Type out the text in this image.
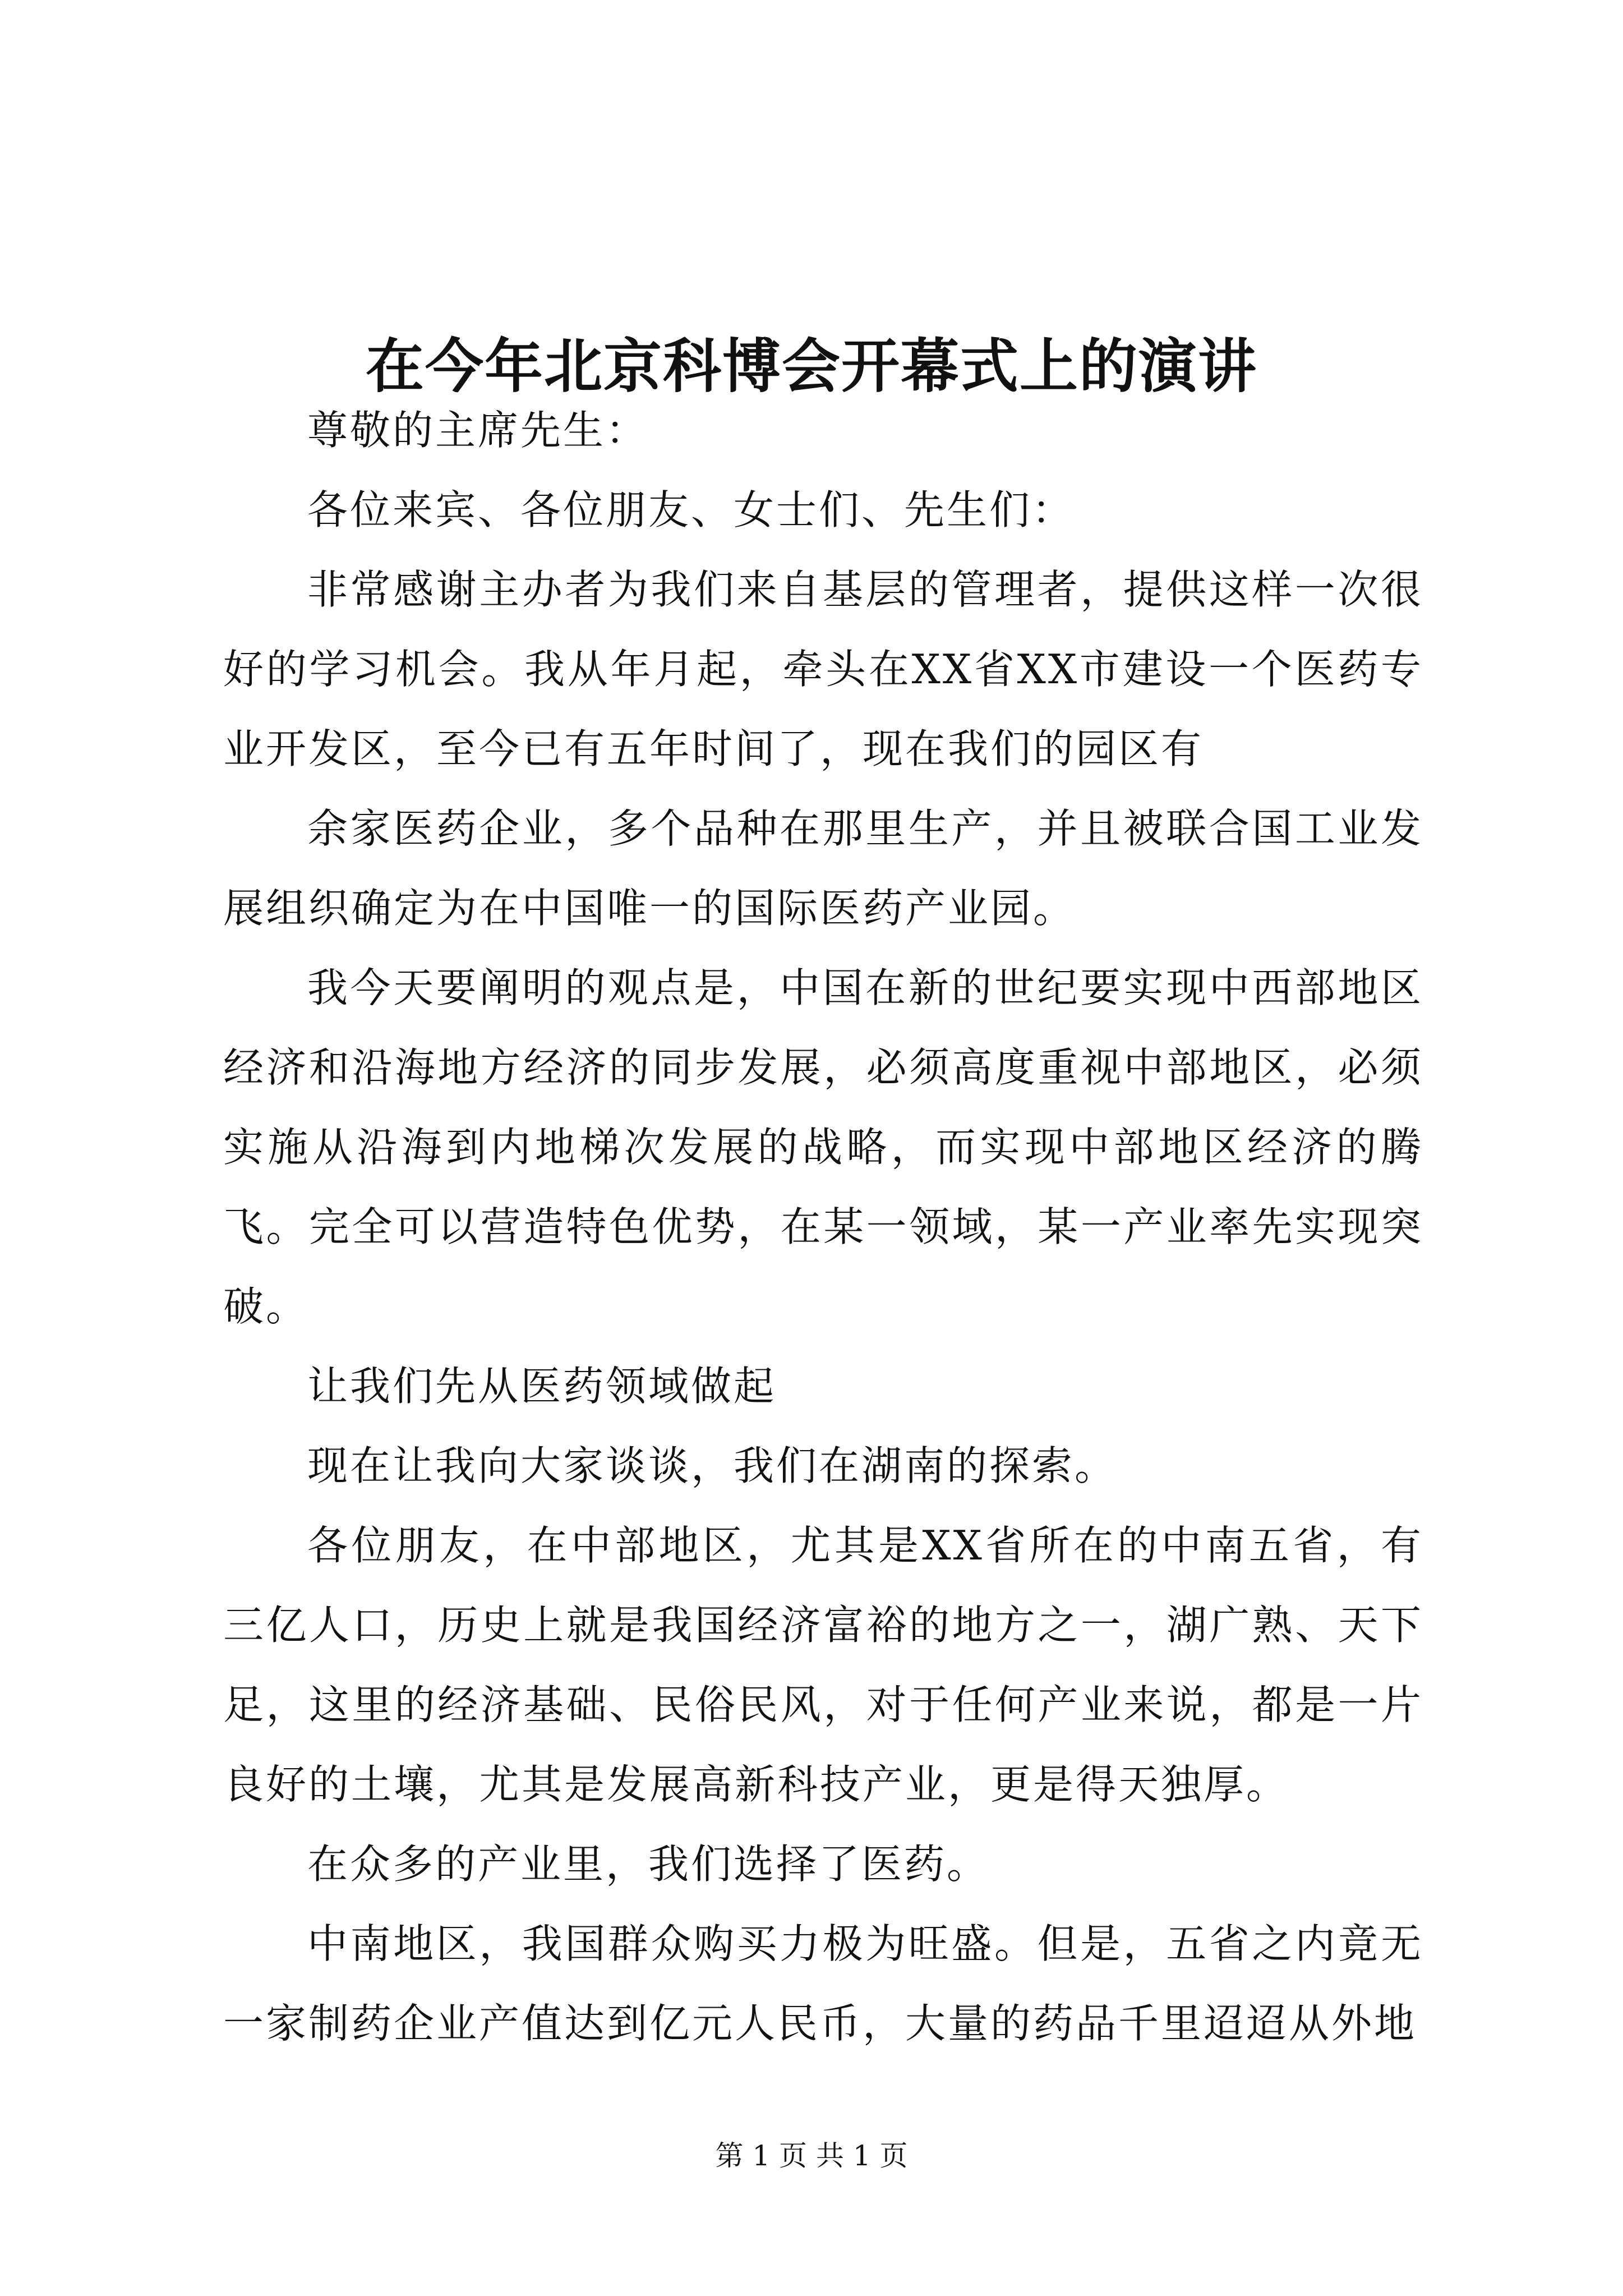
在今年北京科博会开幕式上的演讲

尊敬的主席先生：

各位来宾、各位朋友、女士们、先生们：

非常感谢主办者为我们来自基层的管理者，提供这样一次很好的学习机会。我从年月起，牵头在XX省XX市建设一个医药专业开发区，至今已有五年时间了，现在我们的园区有

余家医药企业，多个品种在那里生产，并且被联合国工业发展组织确定为在中国唯一的国际医药产业园。

我今天要阐明的观点是，中国在新的世纪要实现中西部地区经济和沿海地方经济的同步发展，必须高度重视中部地区，必须实施从沿海到内地梯次发展的战略，而实现中部地区经济的腾飞。完全可以营造特色优势，在某一领域，某一产业率先实现突破。

让我们先从医药领域做起

现在让我向大家谈谈，我们在湖南的探索。

各位朋友，在中部地区，尤其是XX省所在的中南五省，有三亿人口，历史上就是我国经济富裕的地方之一，湖广熟、天下足，这里的经济基础、民俗民风，对于任何产业来说，都是一片良好的土壤，尤其是发展高新科技产业，更是得天独厚。

在众多的产业里，我们选择了医药。

中南地区，我国群众购买力极为旺盛。但是，五省之内竟无一家制药企业产值达到亿元人民币，大量的药品千里迢迢从外地

第 1 页 共 1 页
